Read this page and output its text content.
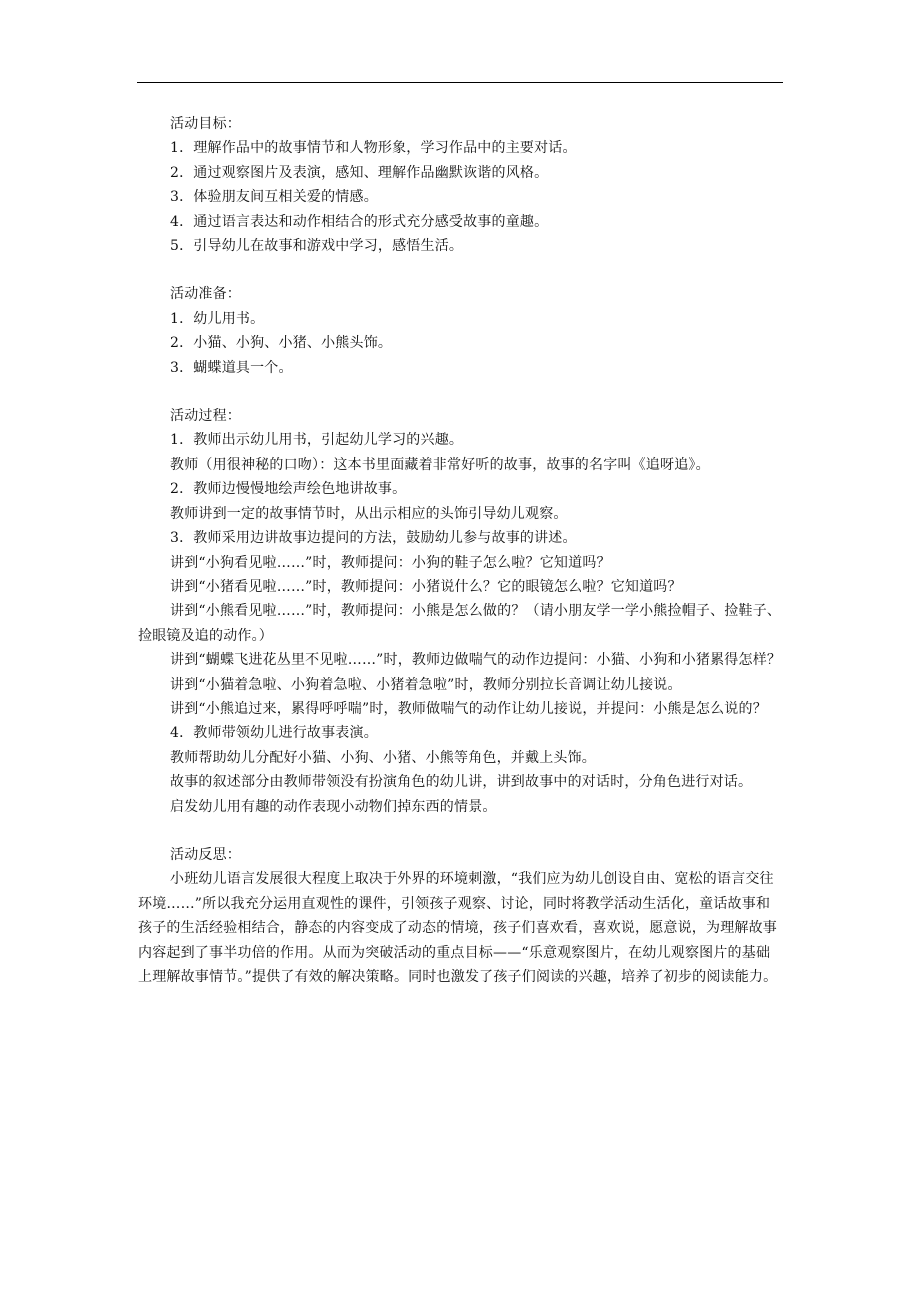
活动目标：

1．理解作品中的故事情节和人物形象，学习作品中的主要对话。

2．通过观察图片及表演，感知、理解作品幽默诙谐的风格。

3．体验朋友间互相关爱的情感。

4．通过语言表达和动作相结合的形式充分感受故事的童趣。

5．引导幼儿在故事和游戏中学习，感悟生活。

活动准备：

1．幼儿用书。

2．小猫、小狗、小猪、小熊头饰。

3．蝴蝶道具一个。

活动过程：

1．教师出示幼儿用书，引起幼儿学习的兴趣。

教师（用很神秘的口吻）：这本书里面藏着非常好听的故事，故事的名字叫《追呀追》。

2．教师边慢慢地绘声绘色地讲故事。

教师讲到一定的故事情节时，从出示相应的头饰引导幼儿观察。

3．教师采用边讲故事边提问的方法，鼓励幼儿参与故事的讲述。

讲到“小狗看见啦……”时，教师提问：小狗的鞋子怎么啦？它知道吗？

讲到“小猪看见啦……”时，教师提问：小猪说什么？它的眼镜怎么啦？它知道吗？

讲到“小熊看见啦……”时，教师提问：小熊是怎么做的？（请小朋友学一学小熊捡帽子、捡鞋子、捡眼镜及追的动作。）

讲到“蝴蝶飞进花丛里不见啦……”时，教师边做喘气的动作边提问：小猫、小狗和小猪累得怎样？

讲到“小猫着急啦、小狗着急啦、小猪着急啦”时，教师分别拉长音调让幼儿接说。

讲到“小熊追过来，累得呼呼喘”时，教师做喘气的动作让幼儿接说，并提问：小熊是怎么说的？

4．教师带领幼儿进行故事表演。

教师帮助幼儿分配好小猫、小狗、小猪、小熊等角色，并戴上头饰。

故事的叙述部分由教师带领没有扮演角色的幼儿讲，讲到故事中的对话时，分角色进行对话。

启发幼儿用有趣的动作表现小动物们掉东西的情景。

活动反思：

小班幼儿语言发展很大程度上取决于外界的环境刺激，“我们应为幼儿创设自由、宽松的语言交往环境……”所以我充分运用直观性的课件，引领孩子观察、讨论，同时将教学活动生活化，童话故事和孩子的生活经验相结合，静态的内容变成了动态的情境，孩子们喜欢看，喜欢说，愿意说，为理解故事内容起到了事半功倍的作用。从而为突破活动的重点目标——“乐意观察图片，在幼儿观察图片的基础上理解故事情节。”提供了有效的解决策略。同时也激发了孩子们阅读的兴趣，培养了初步的阅读能力。
